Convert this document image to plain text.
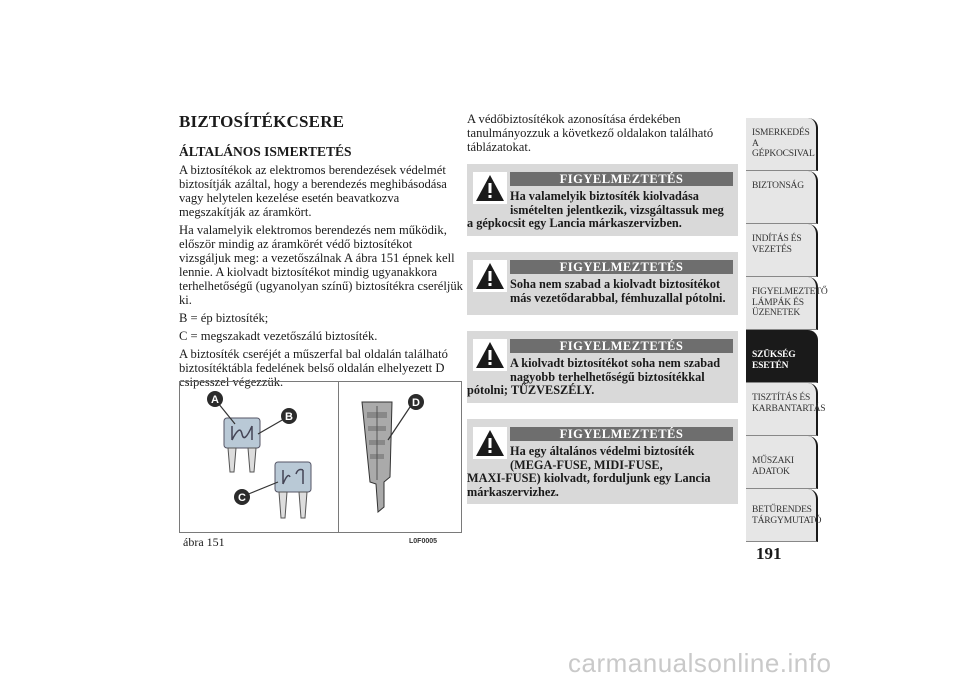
BIZTOSÍTÉKCSERE
ÁLTALÁNOS ISMERTETÉS

A biztosítékok az elektromos berendezések védelmét biztosítják azáltal, hogy a berendezés meghibásodása vagy helytelen kezelése esetén beavatkozva megszakítják az áramkört.

Ha valamelyik elektromos berendezés nem működik, először mindig az áramkörét védő biztosítékot vizsgáljuk meg: a vezetőszálnak A ábra 151 épnek kell lennie. A kiolvadt biztosítékot mindig ugyanakkora terhelhetőségű (ugyanolyan színű) biztosítékra cseréljük ki.

B = ép biztosíték;

C = megszakadt vezetőszálú biztosíték.

A biztosíték cseréjét a műszerfal bal oldalán található biztosítéktábla fedelének belső oldalán elhelyezett D csipesszel végezzük.

A
B
C
D
ábra 151	L0F0005

A védőbiztosítékok azonosítása érdekében tanulmányozzuk a következő oldalakon található táblázatokat.

FIGYELMEZTETÉS
Ha valamelyik biztosíték kiolvadása
ismételten jelentkezik, vizsgáltassuk meg
a gépkocsit egy Lancia márkaszervizben.
FIGYELMEZTETÉS
Soha nem szabad a kiolvadt biztosítékot
más vezetődarabbal, fémhuzallal pótolni.
FIGYELMEZTETÉS
A kiolvadt biztosítékot soha nem szabad
nagyobb terhelhetőségű biztosítékkal
pótolni; TŰZVESZÉLY.
FIGYELMEZTETÉS
Ha egy általános védelmi biztosíték
(MEGA-FUSE, MIDI-FUSE,
MAXI-FUSE) kiolvadt, forduljunk egy Lancia márkaszervizhez.
ISMERKEDÉS A GÉPKOCSIVAL
BIZTONSÁG
INDÍTÁS ÉS VEZETÉS
FIGYELMEZTETŐ LÁMPÁK ÉS ÜZENETEK
SZÜKSÉG ESETÉN
TISZTÍTÁS ÉS KARBANTARTÁS
MŰSZAKI ADATOK
BETŰRENDES TÁRGYMUTATÓ
191
carmanualsonline.info
